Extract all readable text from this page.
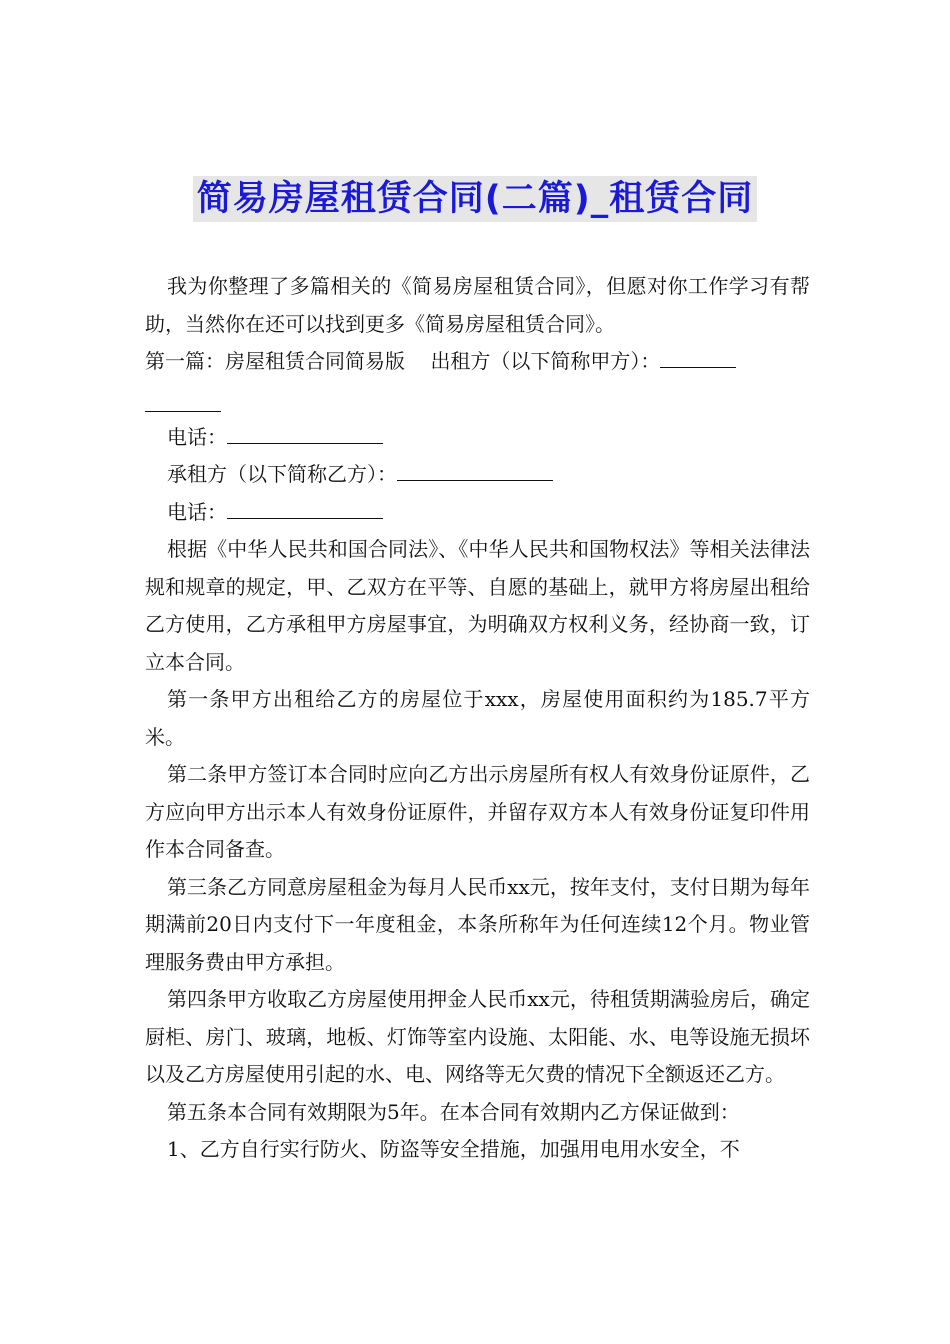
简易房屋租赁合同(二篇)_租赁合同

我为你整理了多篇相关的《简易房屋租赁合同》，但愿对你工作学习有帮助，当然你在还可以找到更多《简易房屋租赁合同》。

第一篇：房屋租赁合同简易版 出租方（以下简称甲方）：

电话：

承租方（以下简称乙方）：

电话：

根据《中华人民共和国合同法》、《中华人民共和国物权法》等相关法律法规和规章的规定，甲、乙双方在平等、自愿的基础上，就甲方将房屋出租给乙方使用，乙方承租甲方房屋事宜，为明确双方权利义务，经协商一致，订立本合同。

第一条甲方出租给乙方的房屋位于xxx，房屋使用面积约为185.7平方米。

第二条甲方签订本合同时应向乙方出示房屋所有权人有效身份证原件，乙方应向甲方出示本人有效身份证原件，并留存双方本人有效身份证复印件用作本合同备查。

第三条乙方同意房屋租金为每月人民币xx元，按年支付，支付日期为每年期满前20日内支付下一年度租金，本条所称年为任何连续12个月。物业管理服务费由甲方承担。

第四条甲方收取乙方房屋使用押金人民币xx元，待租赁期满验房后，确定厨柜、房门、玻璃，地板、灯饰等室内设施、太阳能、水、电等设施无损坏以及乙方房屋使用引起的水、电、网络等无欠费的情况下全额返还乙方。

第五条本合同有效期限为5年。在本合同有效期内乙方保证做到：

1、乙方自行实行防火、防盗等安全措施，加强用电用水安全，不
